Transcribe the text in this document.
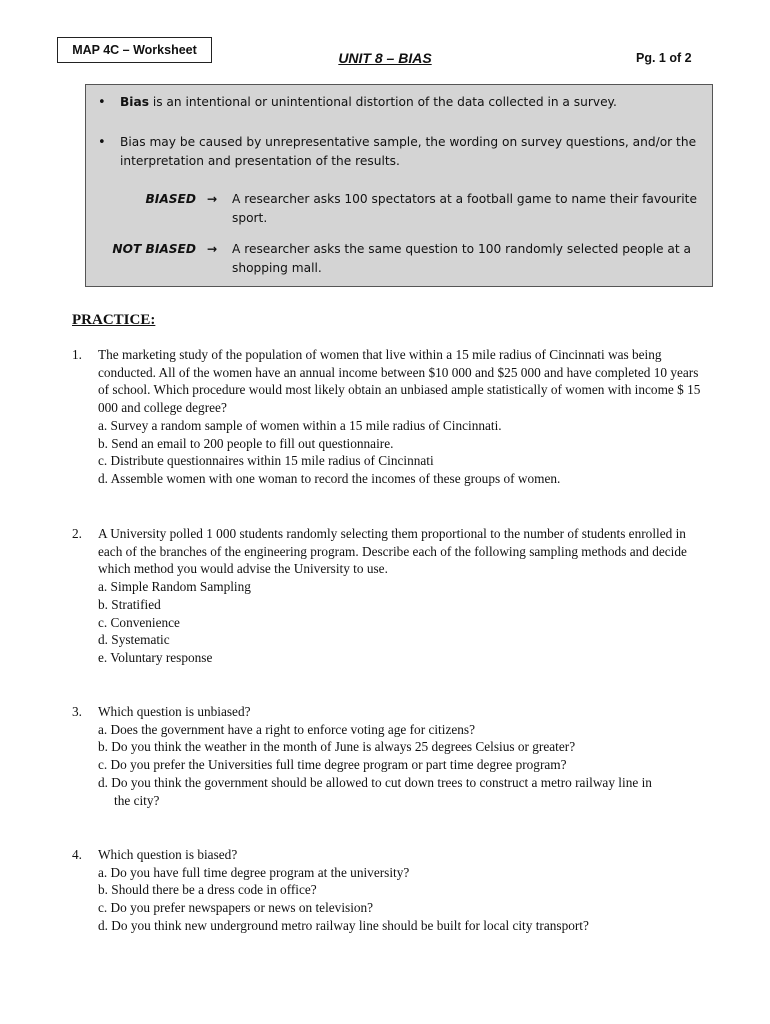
MAP 4C – Worksheet	UNIT 8 – BIAS	Pg. 1 of 2
• Bias is an intentional or unintentional distortion of the data collected in a survey.
• Bias may be caused by unrepresentative sample, the wording on survey questions, and/or the interpretation and presentation of the results.
BIASED → A researcher asks 100 spectators at a football game to name their favourite sport.
NOT BIASED → A researcher asks the same question to 100 randomly selected people at a shopping mall.
PRACTICE:
1. The marketing study of the population of women that live within a 15 mile radius of Cincinnati was being conducted. All of the women have an annual income between $10 000 and $25 000 and have completed 10 years of school. Which procedure would most likely obtain an unbiased ample statistically of women with income $ 15 000 and college degree?
a. Survey a random sample of women within a 15 mile radius of Cincinnati.
b. Send an email to 200 people to fill out questionnaire.
c. Distribute questionnaires within 15 mile radius of Cincinnati
d. Assemble women with one woman to record the incomes of these groups of women.
2. A University polled 1 000 students randomly selecting them proportional to the number of students enrolled in each of the branches of the engineering program. Describe each of the following sampling methods and decide which method you would advise the University to use.
a. Simple Random Sampling
b. Stratified
c. Convenience
d. Systematic
e. Voluntary response
3. Which question is unbiased?
a. Does the government have a right to enforce voting age for citizens?
b. Do you think the weather in the month of June is always 25 degrees Celsius or greater?
c. Do you prefer the Universities full time degree program or part time degree program?
d. Do you think the government should be allowed to cut down trees to construct a metro railway line in the city?
4. Which question is biased?
a. Do you have full time degree program at the university?
b. Should there be a dress code in office?
c. Do you prefer newspapers or news on television?
d. Do you think new underground metro railway line should be built for local city transport?
